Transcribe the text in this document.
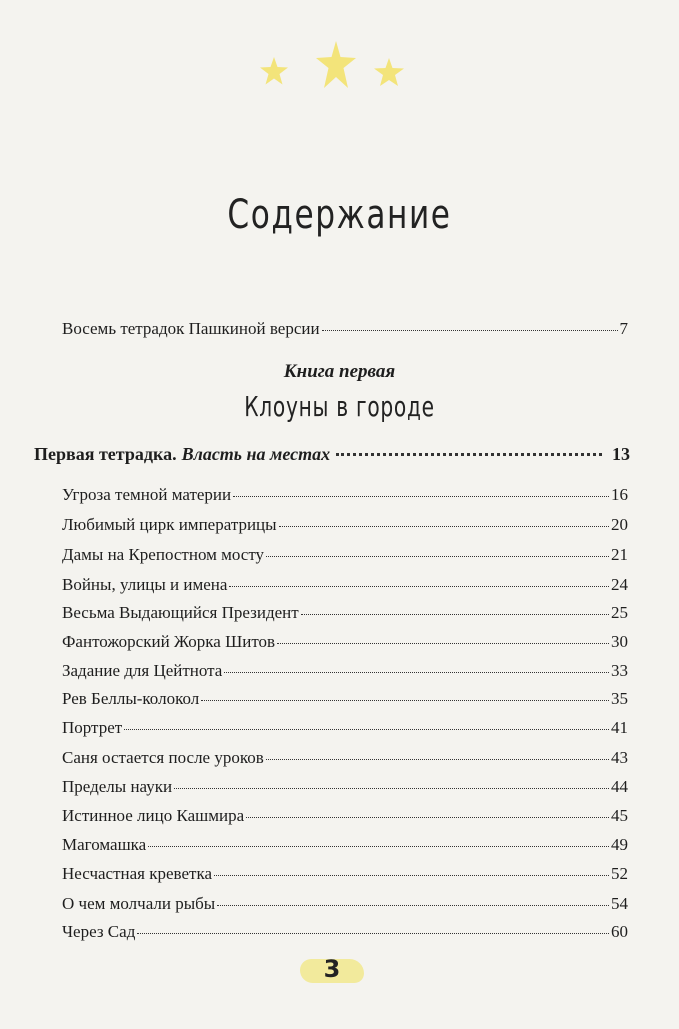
Содержание
Восемь тетрадок Пашкиной версии	7
Книга первая
Клоуны в городе
Первая тетрадка. Власть на местах	13
Угроза темной материи	16
Любимый цирк императрицы	20
Дамы на Крепостном мосту	21
Войны, улицы и имена	24
Весьма Выдающийся Президент	25
Фантожорский Жорка Шитов	30
Задание для Цейтнота	33
Рев Беллы-колокол	35
Портрет	41
Саня остается после уроков	43
Пределы науки	44
Истинное лицо Кашмира	45
Магомашка	49
Несчастная креветка	52
О чем молчали рыбы	54
Через Сад	60
3
